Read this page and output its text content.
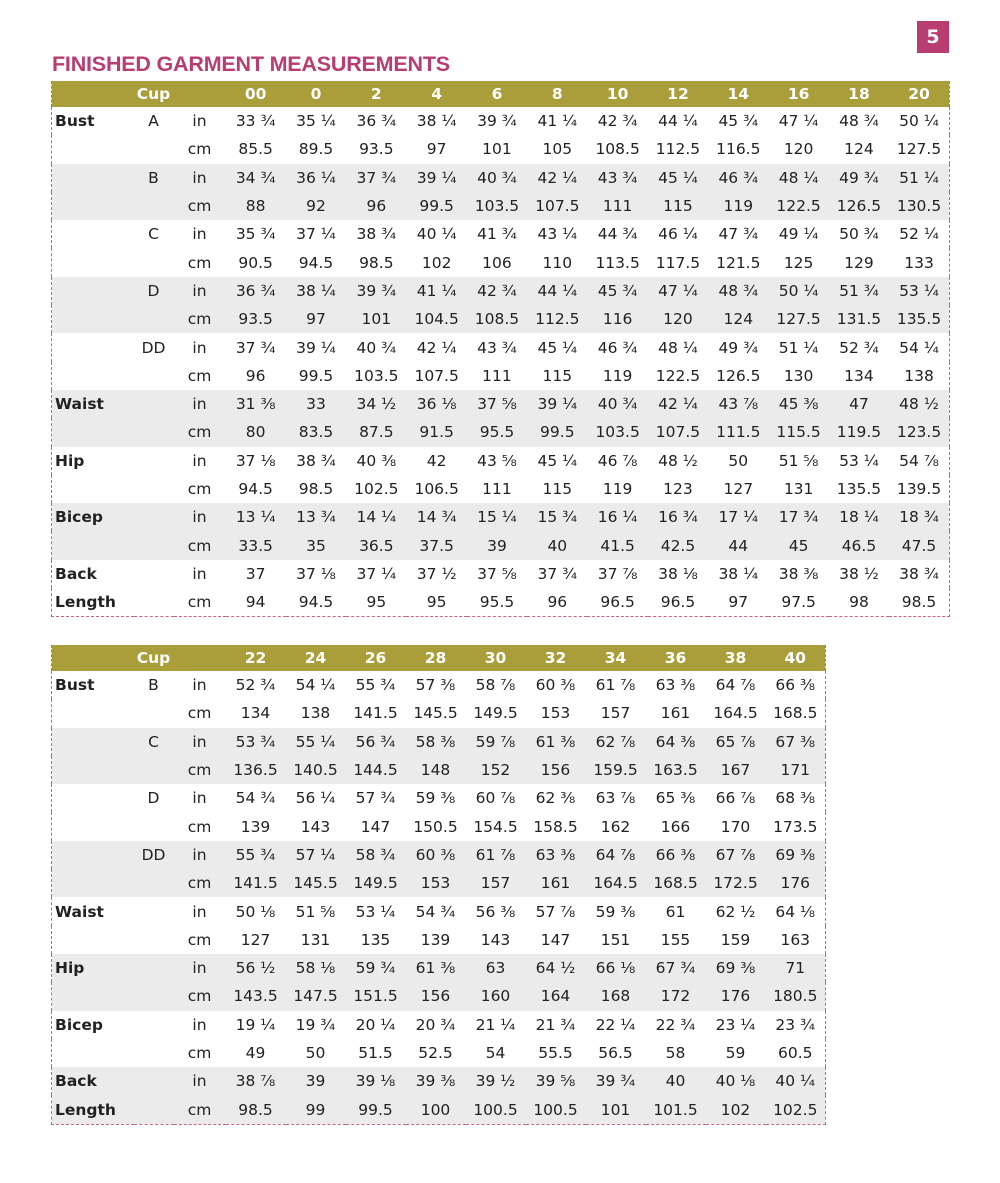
5
FINISHED GARMENT MEASUREMENTS
	Cup		00	0	2	4	6	8	10	12	14	16	18	20
Bust	A	in	33 ¾	35 ¼	36 ¾	38 ¼	39 ¾	41 ¼	42 ¾	44 ¼	45 ¾	47 ¼	48 ¾	50 ¼
		cm	85.5	89.5	93.5	97	101	105	108.5	112.5	116.5	120	124	127.5
	B	in	34 ¾	36 ¼	37 ¾	39 ¼	40 ¾	42 ¼	43 ¾	45 ¼	46 ¾	48 ¼	49 ¾	51 ¼
		cm	88	92	96	99.5	103.5	107.5	111	115	119	122.5	126.5	130.5
	C	in	35 ¾	37 ¼	38 ¾	40 ¼	41 ¾	43 ¼	44 ¾	46 ¼	47 ¾	49 ¼	50 ¾	52 ¼
		cm	90.5	94.5	98.5	102	106	110	113.5	117.5	121.5	125	129	133
	D	in	36 ¾	38 ¼	39 ¾	41 ¼	42 ¾	44 ¼	45 ¾	47 ¼	48 ¾	50 ¼	51 ¾	53 ¼
		cm	93.5	97	101	104.5	108.5	112.5	116	120	124	127.5	131.5	135.5
	DD	in	37 ¾	39 ¼	40 ¾	42 ¼	43 ¾	45 ¼	46 ¾	48 ¼	49 ¾	51 ¼	52 ¾	54 ¼
		cm	96	99.5	103.5	107.5	111	115	119	122.5	126.5	130	134	138
Waist		in	31 ⅜	33	34 ½	36 ⅛	37 ⅝	39 ¼	40 ¾	42 ¼	43 ⅞	45 ⅜	47	48 ½
		cm	80	83.5	87.5	91.5	95.5	99.5	103.5	107.5	111.5	115.5	119.5	123.5
Hip		in	37 ⅛	38 ¾	40 ⅜	42	43 ⅝	45 ¼	46 ⅞	48 ½	50	51 ⅝	53 ¼	54 ⅞
		cm	94.5	98.5	102.5	106.5	111	115	119	123	127	131	135.5	139.5
Bicep		in	13 ¼	13 ¾	14 ¼	14 ¾	15 ¼	15 ¾	16 ¼	16 ¾	17 ¼	17 ¾	18 ¼	18 ¾
		cm	33.5	35	36.5	37.5	39	40	41.5	42.5	44	45	46.5	47.5
Back		in	37	37 ⅛	37 ¼	37 ½	37 ⅝	37 ¾	37 ⅞	38 ⅛	38 ¼	38 ⅜	38 ½	38 ¾
Length		cm	94	94.5	95	95	95.5	96	96.5	96.5	97	97.5	98	98.5
	Cup		22	24	26	28	30	32	34	36	38	40
Bust	B	in	52 ¾	54 ¼	55 ¾	57 ⅜	58 ⅞	60 ⅜	61 ⅞	63 ⅜	64 ⅞	66 ⅜
		cm	134	138	141.5	145.5	149.5	153	157	161	164.5	168.5
	C	in	53 ¾	55 ¼	56 ¾	58 ⅜	59 ⅞	61 ⅜	62 ⅞	64 ⅜	65 ⅞	67 ⅜
		cm	136.5	140.5	144.5	148	152	156	159.5	163.5	167	171
	D	in	54 ¾	56 ¼	57 ¾	59 ⅜	60 ⅞	62 ⅜	63 ⅞	65 ⅜	66 ⅞	68 ⅜
		cm	139	143	147	150.5	154.5	158.5	162	166	170	173.5
	DD	in	55 ¾	57 ¼	58 ¾	60 ⅜	61 ⅞	63 ⅜	64 ⅞	66 ⅜	67 ⅞	69 ⅜
		cm	141.5	145.5	149.5	153	157	161	164.5	168.5	172.5	176
Waist		in	50 ⅛	51 ⅝	53 ¼	54 ¾	56 ⅜	57 ⅞	59 ⅜	61	62 ½	64 ⅛
		cm	127	131	135	139	143	147	151	155	159	163
Hip		in	56 ½	58 ⅛	59 ¾	61 ⅜	63	64 ½	66 ⅛	67 ¾	69 ⅜	71
		cm	143.5	147.5	151.5	156	160	164	168	172	176	180.5
Bicep		in	19 ¼	19 ¾	20 ¼	20 ¾	21 ¼	21 ¾	22 ¼	22 ¾	23 ¼	23 ¾
		cm	49	50	51.5	52.5	54	55.5	56.5	58	59	60.5
Back		in	38 ⅞	39	39 ⅛	39 ⅜	39 ½	39 ⅝	39 ¾	40	40 ⅛	40 ¼
Length		cm	98.5	99	99.5	100	100.5	100.5	101	101.5	102	102.5
